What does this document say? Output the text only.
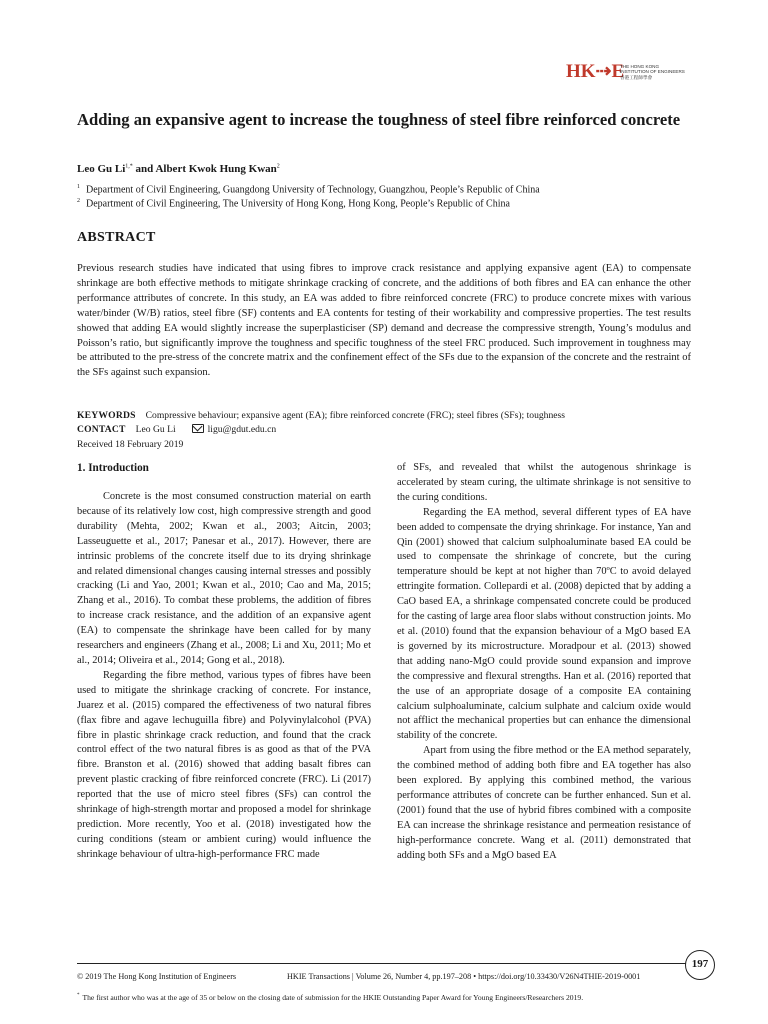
HK⇢E
THE HONG KONG
INSTITUTION OF ENGINEERS
香港工程師學會
Adding an expansive agent to increase the toughness of steel fibre reinforced concrete
Leo Gu $Li^{1,*}$ and Albert Kwok Hung Kwan$^2$
$^1$ Department of Civil Engineering, Guangdong University of Technology, Guangzhou, People’s Republic of China
$^2$ Department of Civil Engineering, The University of Hong Kong, Hong Kong, People’s Republic of China
ABSTRACT
Previous research studies have indicated that using fibres to improve crack resistance and applying expansive agent (EA) to compensate shrinkage are both effective methods to mitigate shrinkage cracking of concrete, and the additions of both fibres and EA can enhance the other performance attributes of concrete. In this study, an EA was added to fibre reinforced concrete (FRC) to produce concrete mixes with various water/binder (W/B) ratios, steel fibre (SF) contents and EA contents for testing of their workability and compressive properties. The test results showed that adding EA would slightly increase the superplasticiser (SP) demand and decrease the compressive strength, Young’s modulus and Poisson’s ratio, but significantly improve the toughness and specific toughness of the steel FRC produced. Such improvement in toughness may be attributed to the pre-stress of the concrete matrix and the confinement effect of the SFs due to the expansion of the concrete and the restraint of the SFs against such expansion.
KEYWORDS Compressive behaviour; expansive agent (EA); fibre reinforced concrete (FRC); steel fibres (SFs); toughness
CONTACT Leo Gu Li	ligu@gdut.edu.cn
Received 18 February 2019
1. Introduction

Concrete is the most consumed construction material on earth because of its relatively low cost, high compressive strength and good durability (Mehta, 2002; Kwan et al., 2003; Aitcin, 2003; Lasseuguette et al., 2017; Panesar et al., 2017). However, there are intrinsic problems of the concrete itself due to its drying shrinkage and related dimensional changes causing internal stresses and possibly cracking (Li and Yao, 2001; Kwan et al., 2010; Cao and Ma, 2015; Zhang et al., 2016). To combat these problems, the addition of fibres to increase crack resistance, and the addition of an expansive agent (EA) to compensate the shrinkage have been called for by many researchers and engineers (Zhang et al., 2008; Li and Xu, 2011; Mo et al., 2014; Oliveira et al., 2014; Gong et al., 2018).

Regarding the fibre method, various types of fibres have been used to mitigate the shrinkage cracking of concrete. For instance, Juarez et al. (2015) compared the effectiveness of two natural fibres (flax fibre and agave lechuguilla fibre) and Polyvinylalcohol (PVA) fibre in plastic shrinkage crack reduction, and found that the crack control effect of the two natural fibres is as good as that of the PVA fibre. Branston et al. (2016) showed that adding basalt fibres can prevent plastic cracking of fibre reinforced concrete (FRC). Li (2017) reported that the use of micro steel fibres (SFs) can control the shrinkage of high-strength mortar and proposed a model for shrinkage prediction. More recently, Yoo et al. (2018) investigated how the curing conditions (steam or ambient curing) would influence the shrinkage behaviour of ultra-high-performance FRC made

of SFs, and revealed that whilst the autogenous shrinkage is accelerated by steam curing, the ultimate shrinkage is not sensitive to the curing conditions.

Regarding the EA method, several different types of EA have been added to compensate the drying shrinkage. For instance, Yan and Qin (2001) showed that calcium sulphoaluminate based EA could be used to compensate the shrinkage of concrete, but the curing temperature should be kept at not higher than 70ºC to avoid delayed ettringite formation. Collepardi et al. (2008) depicted that by adding a CaO based EA, a shrinkage compensated concrete could be produced for the casting of large area floor slabs without construction joints. Mo et al. (2010) found that the expansion behaviour of a MgO based EA is governed by its microstructure. Moradpour et al. (2013) showed that adding nano-MgO could provide sound expansion and improve the compressive and flexural strengths. Han et al. (2016) reported that the use of an appropriate dosage of a composite EA containing calcium sulphoaluminate, calcium sulphate and calcium oxide would not afflict the mechanical properties but can enhance the dimensional stability of the concrete.

Apart from using the fibre method or the EA method separately, the combined method of adding both fibre and EA together has also been explored. By applying this combined method, the various performance attributes of concrete can be further enhanced. Sun et al. (2001) found that the use of hybrid fibres combined with a composite EA can increase the shrinkage resistance and permeation resistance of high-performance concrete. Wang et al. (2011) demonstrated that adding both SFs and a MgO based EA

197
© 2019 The Hong Kong Institution of Engineers	HKIE Transactions | Volume 26, Number 4, pp.197–208 • https://doi.org/10.33430/V26N4THIE-2019-0001
* The first author who was at the age of 35 or below on the closing date of submission for the HKIE Outstanding Paper Award for Young Engineers/Researchers 2019.
